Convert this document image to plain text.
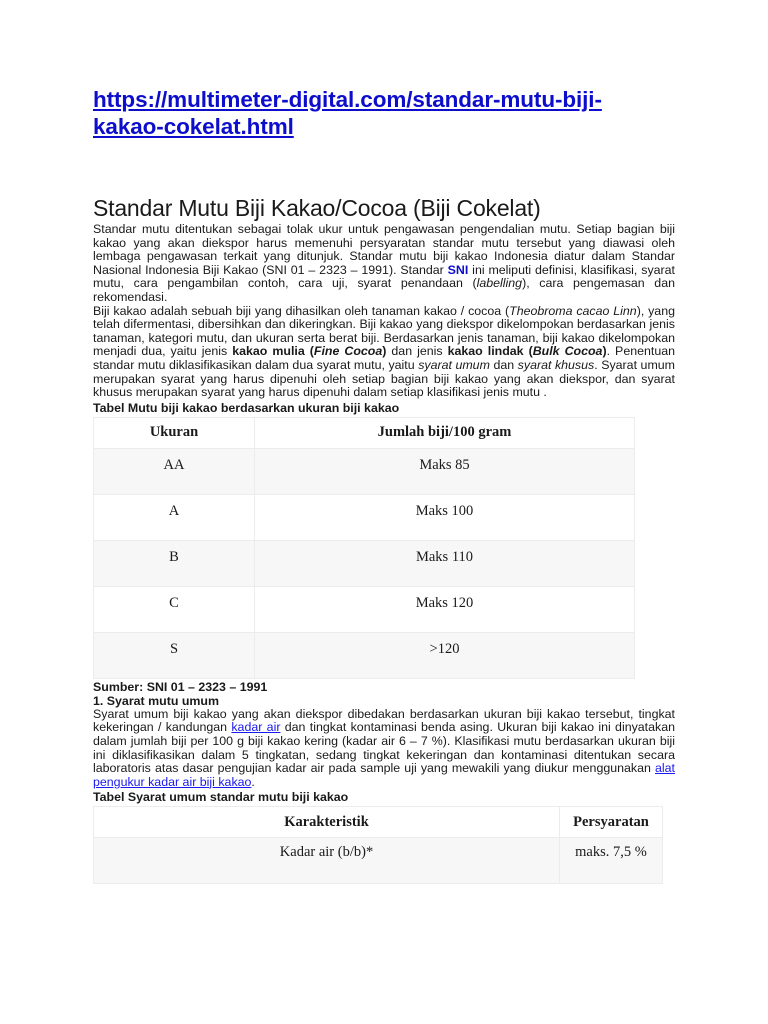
https://multimeter-digital.com/standar-mutu-biji-
kakao-cokelat.html
Standar Mutu Biji Kakao/Cocoa (Biji Cokelat)

Standar mutu ditentukan sebagai tolak ukur untuk pengawasan pengendalian mutu. Setiap bagian biji kakao yang akan diekspor harus memenuhi persyaratan standar mutu tersebut yang diawasi oleh lembaga pengawasan terkait yang ditunjuk. Standar mutu biji kakao Indonesia diatur dalam Standar Nasional Indonesia Biji Kakao (SNI 01 – 2323 – 1991). Standar SNI ini meliputi definisi, klasifikasi, syarat mutu, cara pengambilan contoh, cara uji, syarat penandaan (labelling), cara pengemasan dan rekomendasi.

Biji kakao adalah sebuah biji yang dihasilkan oleh tanaman kakao / cocoa (Theobroma cacao Linn), yang telah difermentasi, dibersihkan dan dikeringkan. Biji kakao yang diekspor dikelompokan berdasarkan jenis tanaman, kategori mutu, dan ukuran serta berat biji. Berdasarkan jenis tanaman, biji kakao dikelompokan menjadi dua, yaitu jenis kakao mulia (Fine Cocoa) dan jenis kakao lindak (Bulk Cocoa). Penentuan standar mutu diklasifikasikan dalam dua syarat mutu, yaitu syarat umum dan syarat khusus. Syarat umum merupakan syarat yang harus dipenuhi oleh setiap bagian biji kakao yang akan diekspor, dan syarat khusus merupakan syarat yang harus dipenuhi dalam setiap klasifikasi jenis mutu .

Tabel Mutu biji kakao berdasarkan ukuran biji kakao
Ukuran	Jumlah biji/100 gram
AA	Maks 85
A	Maks 100
B	Maks 110
C	Maks 120
S	>120
Sumber: SNI 01 – 2323 – 1991
1. Syarat mutu umum

Syarat umum biji kakao yang akan diekspor dibedakan berdasarkan ukuran biji kakao tersebut, tingkat kekeringan / kandungan kadar air dan tingkat kontaminasi benda asing. Ukuran biji kakao ini dinyatakan dalam jumlah biji per 100 g biji kakao kering (kadar air 6 – 7 %). Klasifikasi mutu berdasarkan ukuran biji ini diklasifikasikan dalam 5 tingkatan, sedang tingkat kekeringan dan kontaminasi ditentukan secara laboratoris atas dasar pengujian kadar air pada sample uji yang mewakili yang diukur menggunakan alat pengukur kadar air biji kakao.

Tabel Syarat umum standar mutu biji kakao
Karakteristik	Persyaratan
Kadar air (b/b)*	maks. 7,5 %
